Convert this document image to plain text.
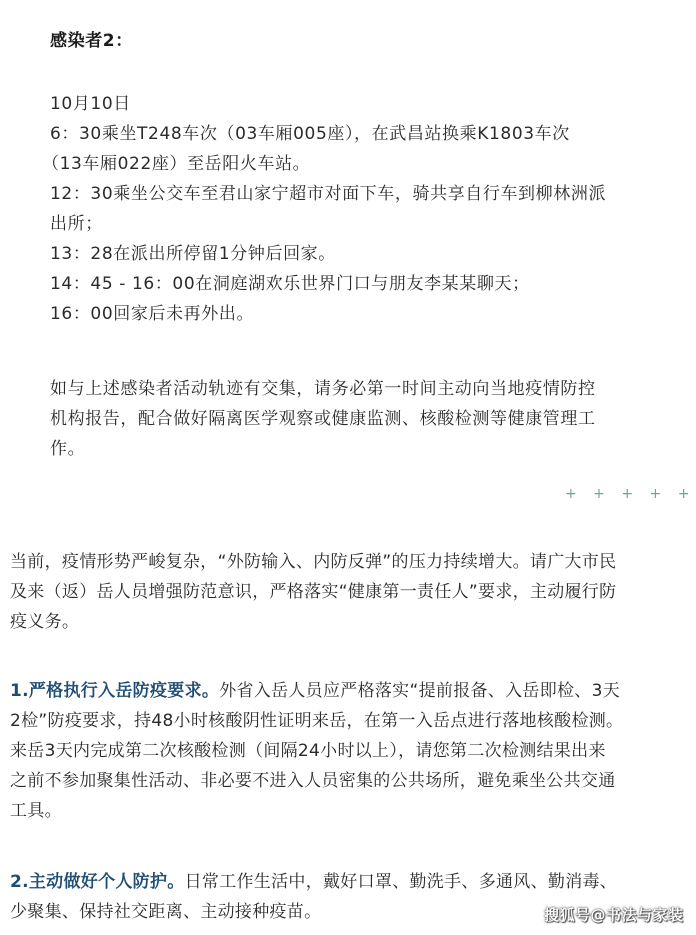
感染者2：
10月10日
6：30乘坐T248车次（03车厢005座），在武昌站换乘K1803车次
（13车厢022座）至岳阳火车站。
12：30乘坐公交车至君山家宁超市对面下车，骑共享自行车到柳林洲派
出所；
13：28在派出所停留1分钟后回家。
14：45 - 16：00在洞庭湖欢乐世界门口与朋友李某某聊天；
16：00回家后未再外出。
如与上述感染者活动轨迹有交集，请务必第一时间主动向当地疫情防控
机构报告，配合做好隔离医学观察或健康监测、核酸检测等健康管理工
作。
+ + + + +
当前，疫情形势严峻复杂，“外防输入、内防反弹”的压力持续增大。请广大市民
及来（返）岳人员增强防范意识，严格落实“健康第一责任人”要求，主动履行防
疫义务。
1.严格执行入岳防疫要求。外省入岳人员应严格落实“提前报备、入岳即检、3天
2检”防疫要求，持48小时核酸阴性证明来岳，在第一入岳点进行落地核酸检测。
来岳3天内完成第二次核酸检测（间隔24小时以上），请您第二次检测结果出来
之前不参加聚集性活动、非必要不进入人员密集的公共场所，避免乘坐公共交通
工具。
2.主动做好个人防护。日常工作生活中，戴好口罩、勤洗手、多通风、勤消毒、
少聚集、保持社交距离、主动接种疫苗。	搜狐号@书法与家装
